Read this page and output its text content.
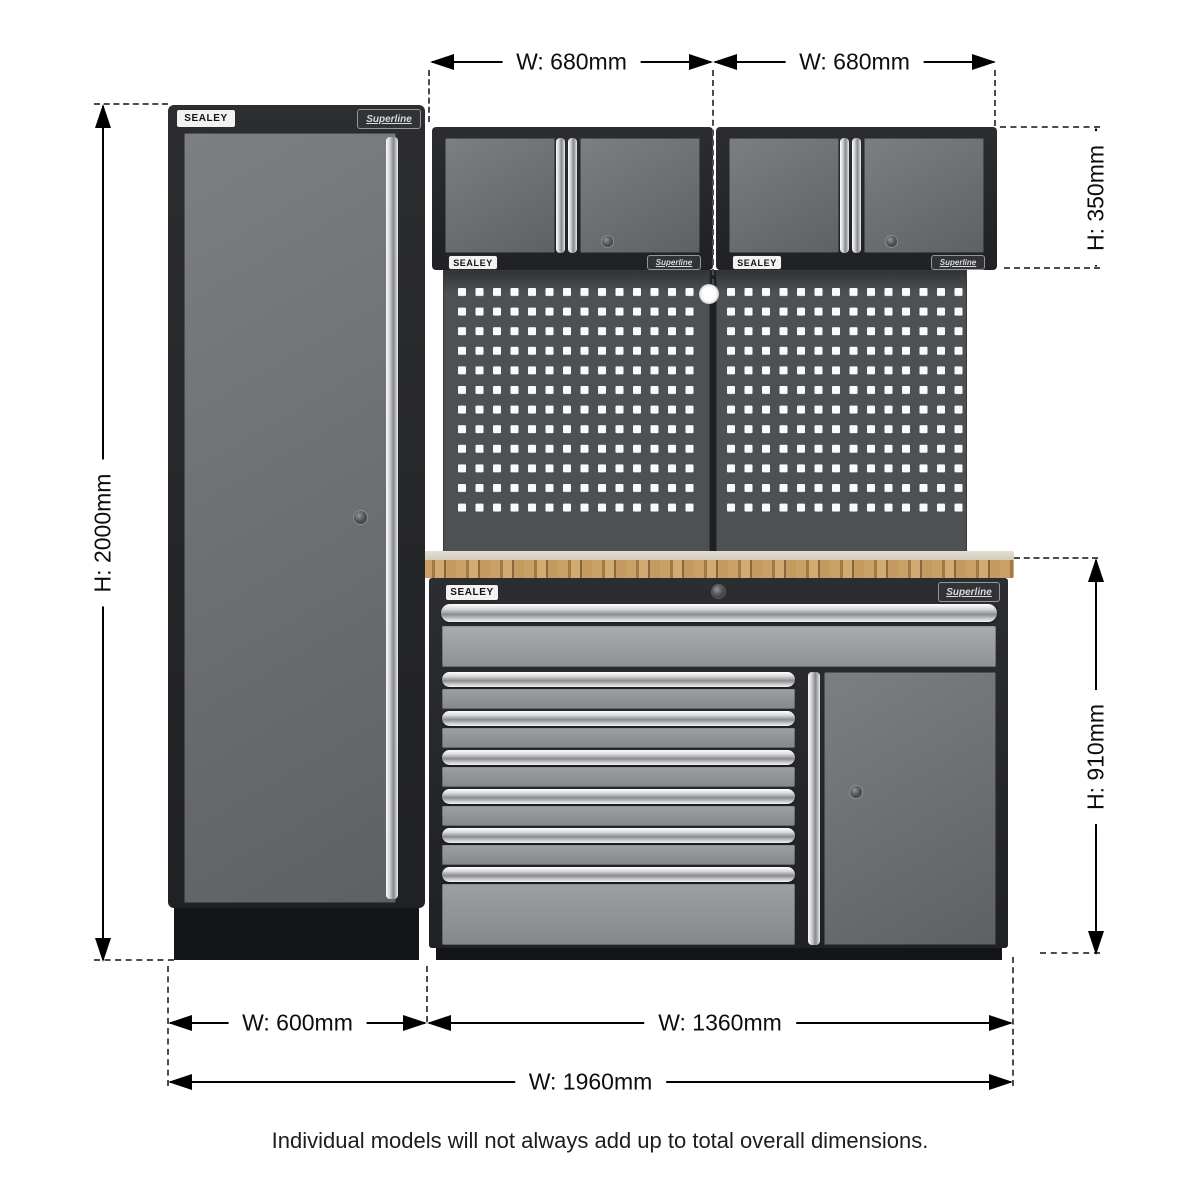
SEALEY	Superline	SEALEY	Superline
SEALEY	Superline
SEALEY	Superline
W: 680mm	W: 680mm
H: 2000mm
H: 350mm
H: 910mm
W: 600mm	W: 1360mm
W: 1960mm
Individual models will not always add up to total overall dimensions.
